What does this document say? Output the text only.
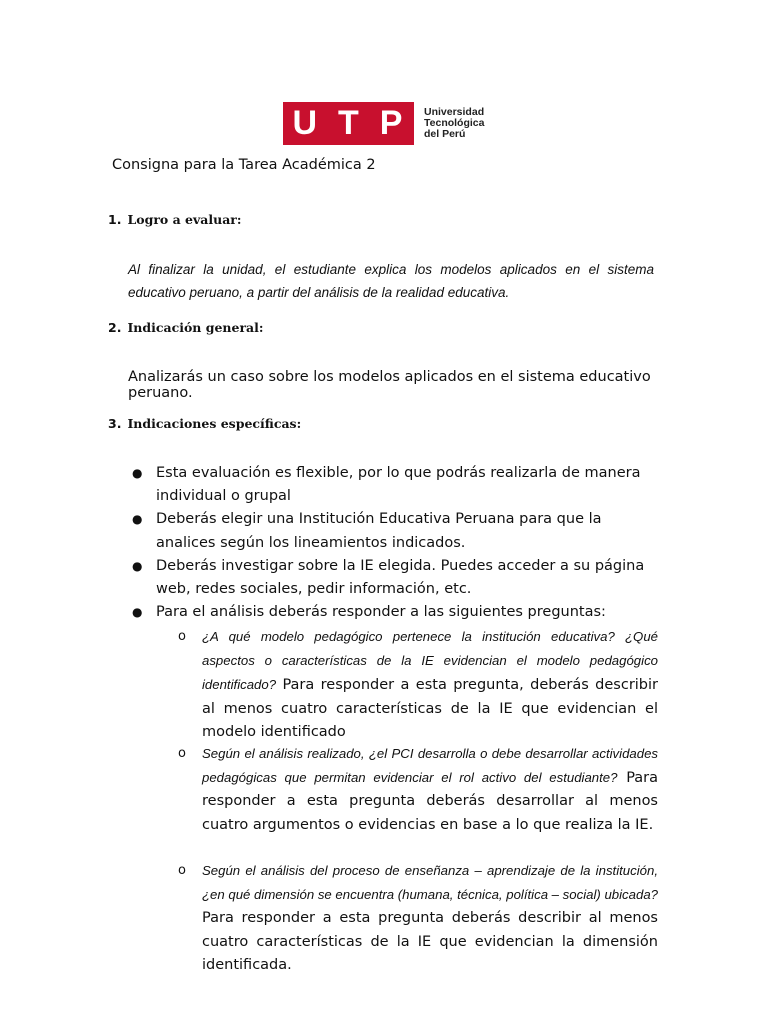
U T P Universidad
Tecnológica
del Perú
Consigna para la Tarea Académica 2
1. Logro a evaluar:
Al finalizar la unidad, el estudiante explica los modelos aplicados en el sistema educativo peruano, a partir del análisis de la realidad educativa.
2. Indicación general:
Analizarás un caso sobre los modelos aplicados en el sistema educativo peruano.
3. Indicaciones específicas:
● Esta evaluación es flexible, por lo que podrás realizarla de manera individual o grupal
● Deberás elegir una Institución Educativa Peruana para que la analices según los lineamientos indicados.
● Deberás investigar sobre la IE elegida. Puedes acceder a su página web, redes sociales, pedir información, etc.
● Para el análisis deberás responder a las siguientes preguntas:
o	¿A qué modelo pedagógico pertenece la institución educativa? ¿Qué aspectos o características de la IE evidencian el modelo pedagógico identificado? Para responder a esta pregunta, deberás describir al menos cuatro características de la IE que evidencian el modelo identificado
o	Según el análisis realizado, ¿el PCI desarrolla o debe desarrollar actividades pedagógicas que permitan evidenciar el rol activo del estudiante? Para responder a esta pregunta deberás desarrollar al menos cuatro argumentos o evidencias en base a lo que realiza la IE.
o	Según el análisis del proceso de enseñanza – aprendizaje de la institución, ¿en qué dimensión se encuentra (humana, técnica, política – social) ubicada? Para responder a esta pregunta deberás describir al menos cuatro características de la IE que evidencian la dimensión identificada.
